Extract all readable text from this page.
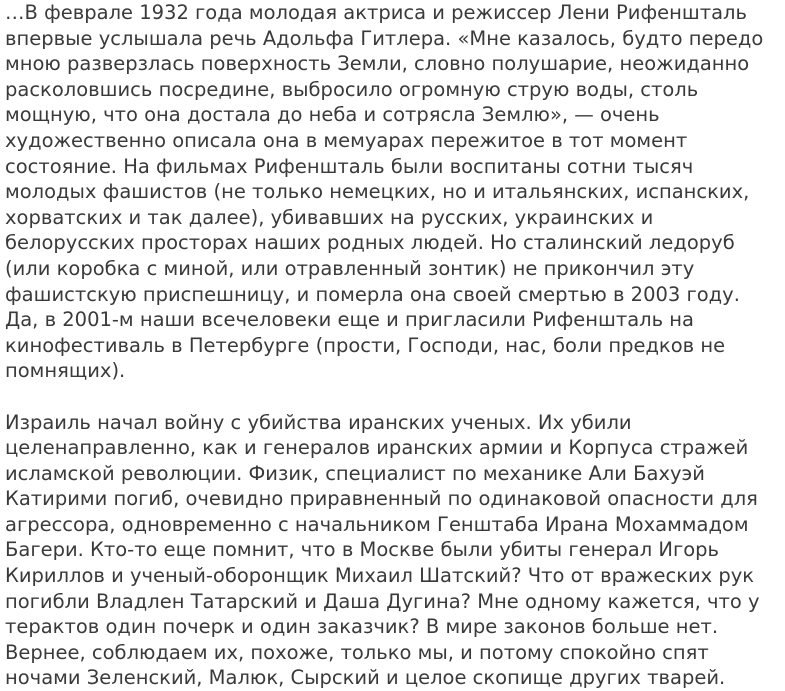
…В феврале 1932 года молодая актриса и режиссер Лени Рифеншталь впервые услышала речь Адольфа Гитлера. «Мне казалось, будто передо мною разверзлась поверхность Земли, словно полушарие, неожиданно расколовшись посредине, выбросило огромную струю воды, столь мощную, что она достала до неба и сотрясла Землю», — очень художественно описала она в мемуарах пережитое в тот момент состояние. На фильмах Рифеншталь были воспитаны сотни тысяч молодых фашистов (не только немецких, но и итальянских, испанских, хорватских и так далее), убивавших на русских, украинских и белорусских просторах наших родных людей. Но сталинский ледоруб (или коробка с миной, или отравленный зонтик) не прикончил эту фашистскую приспешницу, и померла она своей смертью в 2003 году. Да, в 2001-м наши всечеловеки еще и пригласили Рифеншталь на кинофестиваль в Петербурге (прости, Господи, нас, боли предков не помнящих).

Израиль начал войну с убийства иранских ученых. Их убили целенаправленно, как и генералов иранских армии и Корпуса стражей исламской революции. Физик, специалист по механике Али Бахуэй Катирими погиб, очевидно приравненный по одинаковой опасности для агрессора, одновременно с начальником Генштаба Ирана Мохаммадом Багери. Кто-то еще помнит, что в Москве были убиты генерал Игорь Кириллов и ученый-оборонщик Михаил Шатский? Что от вражеских рук погибли Владлен Татарский и Даша Дугина? Мне одному кажется, что у терактов один почерк и один заказчик? В мире законов больше нет. Вернее, соблюдаем их, похоже, только мы, и потому спокойно спят ночами Зеленский, Малюк, Сырский и целое скопище других тварей.
